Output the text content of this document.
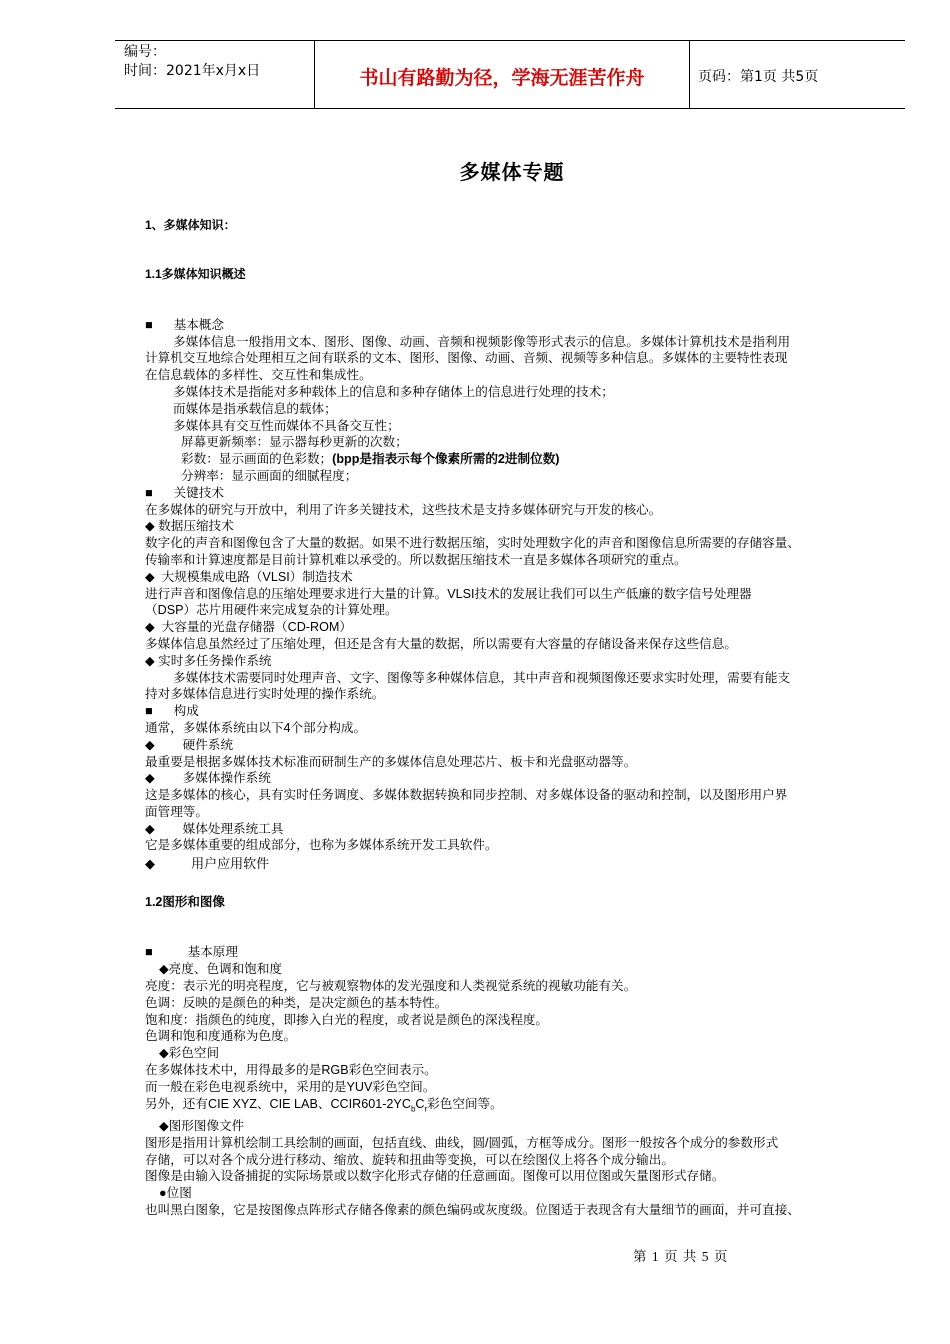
编号：
时间：2021年x月x日	书山有路勤为径，学海无涯苦作舟	页码：第1页 共5页
多媒体专题

1、多媒体知识：

1.1多媒体知识概述

■      基本概念

多媒体信息一般指用文本、图形、图像、动画、音频和视频影像等形式表示的信息。多媒体计算机技术是指利用

计算机交互地综合处理相互之间有联系的文本、图形、图像、动画、音频、视频等多种信息。多媒体的主要特性表现

在信息载体的多样性、交互性和集成性。

多媒体技术是指能对多种载体上的信息和多种存储体上的信息进行处理的技术；

而媒体是指承载信息的载体；

多媒体具有交互性而媒体不具备交互性；

屏幕更新频率：显示器每秒更新的次数；

彩数：显示画面的色彩数；(bpp是指表示每个像素所需的2进制位数)

分辨率：显示画面的细腻程度；

■      关键技术

在多媒体的研究与开放中，利用了许多关键技术，这些技术是支持多媒体研究与开发的核心。

◆ 数据压缩技术

数字化的声音和图像包含了大量的数据。如果不进行数据压缩，实时处理数字化的声音和图像信息所需要的存储容量、

传输率和计算速度都是目前计算机难以承受的。所以数据压缩技术一直是多媒体各项研究的重点。

◆  大规模集成电路（VLSI）制造技术

进行声音和图像信息的压缩处理要求进行大量的计算。VLSI技术的发展让我们可以生产低廉的数字信号处理器

（DSP）芯片用硬件来完成复杂的计算处理。

◆  大容量的光盘存储器（CD-ROM）

多媒体信息虽然经过了压缩处理，但还是含有大量的数据，所以需要有大容量的存储设备来保存这些信息。

◆ 实时多任务操作系统

多媒体技术需要同时处理声音、文字、图像等多种媒体信息，其中声音和视频图像还要求实时处理，需要有能支

持对多媒体信息进行实时处理的操作系统。

■      构成

通常，多媒体系统由以下4个部分构成。

◆        硬件系统

最重要是根据多媒体技术标准而研制生产的多媒体信息处理芯片、板卡和光盘驱动器等。

◆        多媒体操作系统

这是多媒体的核心，具有实时任务调度、多媒体数据转换和同步控制、对多媒体设备的驱动和控制，以及图形用户界

面管理等。

◆        媒体处理系统工具

它是多媒体重要的组成部分，也称为多媒体系统开发工具软件。

◆          用户应用软件

1.2图形和图像

■          基本原理

◆亮度、色调和饱和度

亮度：表示光的明亮程度，它与被观察物体的发光强度和人类视觉系统的视敏功能有关。

色调：反映的是颜色的种类，是决定颜色的基本特性。

饱和度：指颜色的纯度，即掺入白光的程度，或者说是颜色的深浅程度。

色调和饱和度通称为色度。

◆彩色空间

在多媒体技术中，用得最多的是RGB彩色空间表示。

而一般在彩色电视系统中，采用的是YUV彩色空间。

另外，还有CIE XYZ、CIE LAB、$CCIR601-2YC_bC_r$彩色空间等。

◆图形图像文件

图形是指用计算机绘制工具绘制的画面，包括直线、曲线，圆/圆弧，方框等成分。图形一般按各个成分的参数形式

存储，可以对各个成分进行移动、缩放、旋转和扭曲等变换，可以在绘图仪上将各个成分输出。

图像是由输入设备捕捉的实际场景或以数字化形式存储的任意画面。图像可以用位图或矢量图形式存储。

●位图

也叫黑白图象，它是按图像点阵形式存储各像素的颜色编码或灰度级。位图适于表现含有大量细节的画面，并可直接、

第 1 页 共 5 页
